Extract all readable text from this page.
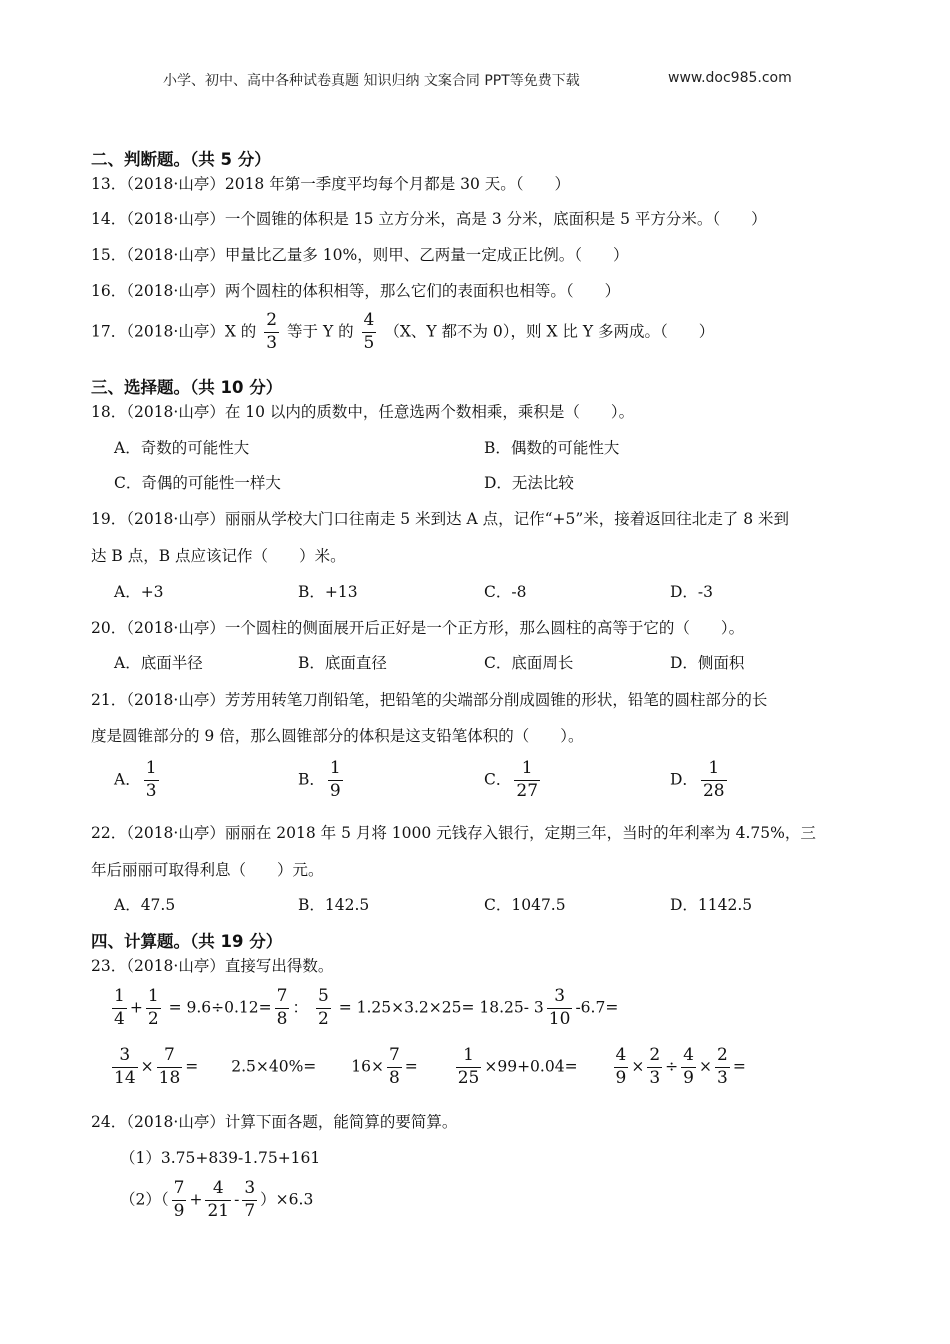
小学、初中、高中各种试卷真题 知识归纳 文案合同 PPT等免费下载	www.doc985.com
二、判断题。（共 5 分）
13．（2018·山亭）2018 年第一季度平均每个月都是 30 天。（　　）
14．（2018·山亭）一个圆锥的体积是 15 立方分米，高是 3 分米，底面积是 5 平方分米。（　　）
15．（2018·山亭）甲量比乙量多 10%，则甲、乙两量一定成正比例。（　　）
16．（2018·山亭）两个圆柱的体积相等，那么它们的表面积也相等。（　　）
17．（2018·山亭）X 的 $\frac{2}{3}$ 等于 Y 的 $\frac{4}{5} (X$、Y 都不为 0），则 X 比 Y 多两成。（　　）
三、选择题。（共 10 分）
18．（2018·山亭）在 10 以内的质数中，任意选两个数相乘，乘积是（　　）。
A．奇数的可能性大	B．偶数的可能性大
C．奇偶的可能性一样大	D．无法比较
19．（2018·山亭）丽丽从学校大门口往南走 5 米到达 A 点，记作“+5”米，接着返回往北走了 8 米到
达 B 点，B 点应该记作（　　）米。
A．+3	B．+13	C．-8	D．-3
20．（2018·山亭）一个圆柱的侧面展开后正好是一个正方形，那么圆柱的高等于它的（　　）。
A．底面半径	B．底面直径	C．底面周长	D．侧面积
21．（2018·山亭）芳芳用转笔刀削铅笔，把铅笔的尖端部分削成圆锥的形状，铅笔的圆柱部分的长
度是圆锥部分的 9 倍，那么圆锥部分的体积是这支铅笔体积的（　　）。
A． $\frac{1}{3}$	B． $\frac{1}{9}$	C． $\frac{1}{27}$	D． $\frac{1}{28}$
22．（2018·山亭）丽丽在 2018 年 5 月将 1000 元钱存入银行，定期三年，当时的年利率为 4.75%，三
年后丽丽可取得利息（　　）元。
A．47.5	B．142.5	C．1047.5	D．1142.5
四、计算题。（共 19 分）
23．（2018·山亭）直接写出得数。
$\frac{1}{4} + \frac{1}{2} = 9.6\div 0.12= \frac{7}{8}$ ： $\frac{5}{2} = 1.25\times 3.2\times 25= 18.25-$ $3 \frac{3}{10} -6.7=$
$\frac{3}{14} \times \frac{7}{18} = 2.5\times 40\%= 16\times \frac{7}{8} = \frac{1}{25} \times 99+0.04= \frac{4}{9} \times \frac{2}{3} \div \frac{4}{9} \times \frac{2}{3}$ =
24．（2018·山亭）计算下面各题，能简算的要简算。
（1）3.75+839-1.75+161
$(2)( \frac{7}{9} + \frac{4}{21} - \frac{3}{7} )\times 6.3$
